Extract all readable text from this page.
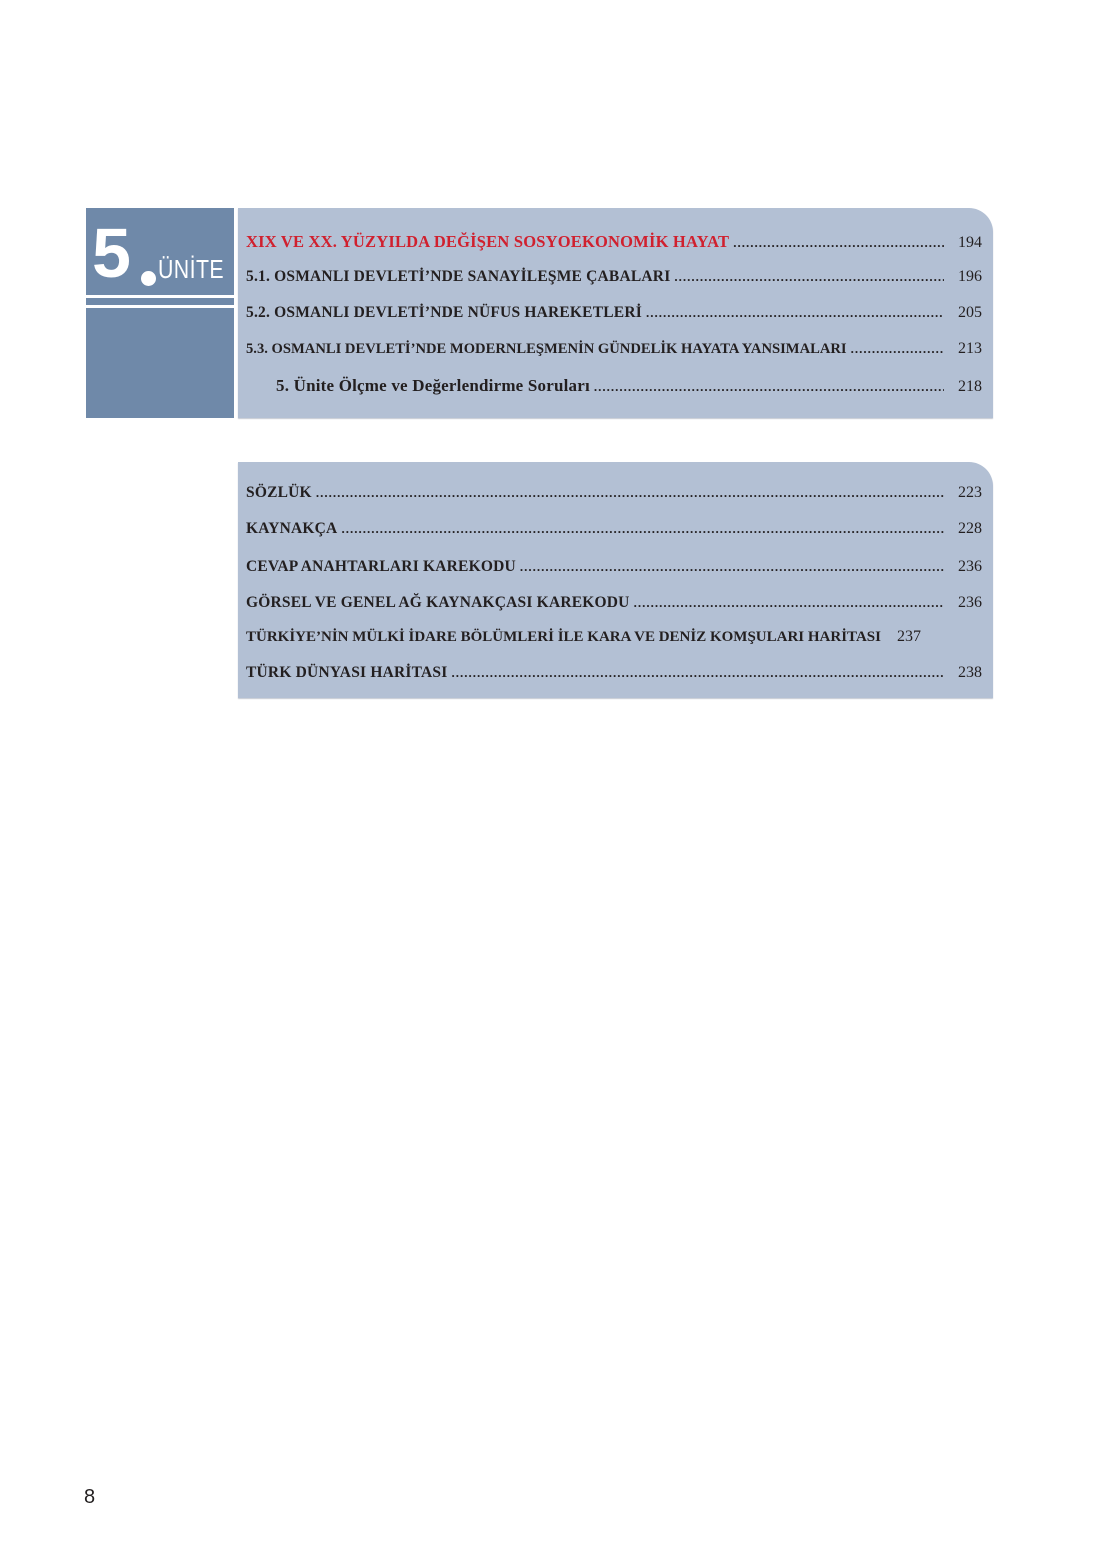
5 ÜNİTE
XIX VE XX. YÜZYILDA DEĞİŞEN SOSYOEKONOMİK HAYAT .....	194
5.1. OSMANLI DEVLETİ’NDE SANAYİLEŞME ÇABALARI .....	196
5.2. OSMANLI DEVLETİ’NDE NÜFUS HAREKETLERİ .....	205
5.3. OSMANLI DEVLETİ’NDE MODERNLEŞMENİN GÜNDELİK HAYATA YANSIMALARI .....	213
5. Ünite Ölçme ve Değerlendirme Soruları .....	218
SÖZLÜK .....	223
KAYNAKÇA .....	228
CEVAP ANAHTARLARI KAREKODU .....	236
GÖRSEL VE GENEL AĞ KAYNAKÇASI KAREKODU .....	236
TÜRKİYE’NİN MÜLKİ İDARE BÖLÜMLERİ İLE KARA VE DENİZ KOMŞULARI HARİTASI	237
TÜRK DÜNYASI HARİTASI .....	238
8
